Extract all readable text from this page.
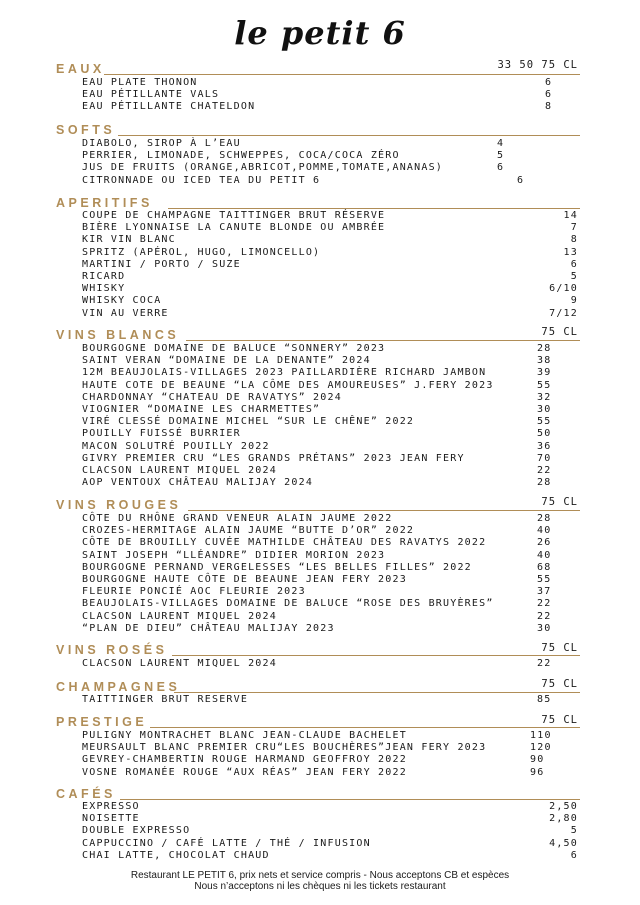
le petit 6
EAUX	33 50 75 CL
EAU PLATE THONON	6
EAU PÉTILLANTE VALS	6
EAU PÉTILLANTE CHATELDON	8
SOFTS
DIABOLO, SIROP À L’EAU	4
PERRIER, LIMONADE, SCHWEPPES, COCA/COCA ZÉRO	5
JUS DE FRUITS (ORANGE,ABRICOT,POMME,TOMATE,ANANAS)	6
CITRONNADE OU ICED TEA DU PETIT 6	6
APERITIFS
COUPE DE CHAMPAGNE TAITTINGER BRUT RÉSERVE	14
BIÈRE LYONNAISE LA CANUTE BLONDE OU AMBRÉE	7
KIR VIN BLANC	8
SPRITZ (APÉROL, HUGO, LIMONCELLO)	13
MARTINI / PORTO / SUZE	6
RICARD	5
WHISKY	6/10
WHISKY COCA	9
VIN AU VERRE	7/12
VINS BLANCS	75 CL
BOURGOGNE DOMAINE DE BALUCE “SONNERY” 2023	28
SAINT VERAN “DOMAINE DE LA DENANTE” 2024	38
12M BEAUJOLAIS-VILLAGES 2023 PAILLARDIÈRE RICHARD JAMBON	39
HAUTE COTE DE BEAUNE “LA CÔME DES AMOUREUSES” J.FERY 2023	55
CHARDONNAY “CHATEAU DE RAVATYS” 2024	32
VIOGNIER “DOMAINE LES CHARMETTES”	30
VIRÉ CLESSÉ DOMAINE MICHEL “SUR LE CHÊNE” 2022	55
POUILLY FUISSÉ BURRIER	50
MACON SOLUTRÉ POUILLY 2022	36
GIVRY PREMIER CRU “LES GRANDS PRÉTANS” 2023 JEAN FERY	70
CLACSON LAURENT MIQUEL 2024	22
AOP VENTOUX CHÂTEAU MALIJAY 2024	28
VINS ROUGES	75 CL
CÔTE DU RHÔNE GRAND VENEUR ALAIN JAUME 2022	28
CROZES-HERMITAGE ALAIN JAUME “BUTTE D’OR” 2022	40
CÔTE DE BROUILLY CUVÉE MATHILDE CHÂTEAU DES RAVATYS 2022	26
SAINT JOSEPH “LLÉANDRE” DIDIER MORION 2023	40
BOURGOGNE PERNAND VERGELESSES “LES BELLES FILLES” 2022	68
BOURGOGNE HAUTE CÔTE DE BEAUNE JEAN FERY 2023	55
FLEURIE PONCIÉ AOC FLEURIE 2023	37
BEAUJOLAIS-VILLAGES DOMAINE DE BALUCE “ROSE DES BRUYÈRES”	22
CLACSON LAURENT MIQUEL 2024	22
“PLAN DE DIEU” CHÂTEAU MALIJAY 2023	30
VINS ROSÉS	75 CL
CLACSON LAURENT MIQUEL 2024	22
CHAMPAGNES	75 CL
TAITTINGER BRUT RESERVE	85
PRESTIGE	75 CL
PULIGNY MONTRACHET BLANC JEAN-CLAUDE BACHELET	110
MEURSAULT BLANC PREMIER CRU“LES BOUCHÈRES”JEAN FERY 2023	120
GEVREY-CHAMBERTIN ROUGE HARMAND GEOFFROY 2022	90
VOSNE ROMANÉE ROUGE “AUX RÉAS” JEAN FERY 2022	96
CAFÉS
EXPRESSO	2,50
NOISETTE	2,80
DOUBLE EXPRESSO	5
CAPPUCCINO / CAFÉ LATTE / THÉ / INFUSION	4,50
CHAI LATTE, CHOCOLAT CHAUD	6
Restaurant LE PETIT 6, prix nets et service compris - Nous acceptons CB et espèces
Nous n’acceptons ni les chèques ni les tickets restaurant
